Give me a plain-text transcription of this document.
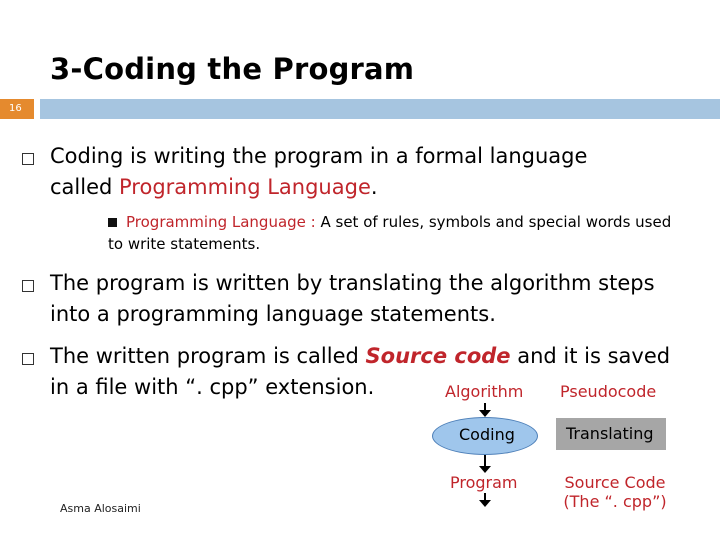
3-Coding the Program
16
Coding is writing the program in a formal language
called Programming Language.
Programming Language : A set of rules, symbols and special words used
to write statements.
The program is written by translating the algorithm steps
into a programming language statements.
The written program is called Source code and it is saved
in a file with “. cpp” extension.	Algorithm
Coding
Program
Pseudocode
Translating
Source Code
(The “. cpp”)
Asma Alosaimi
